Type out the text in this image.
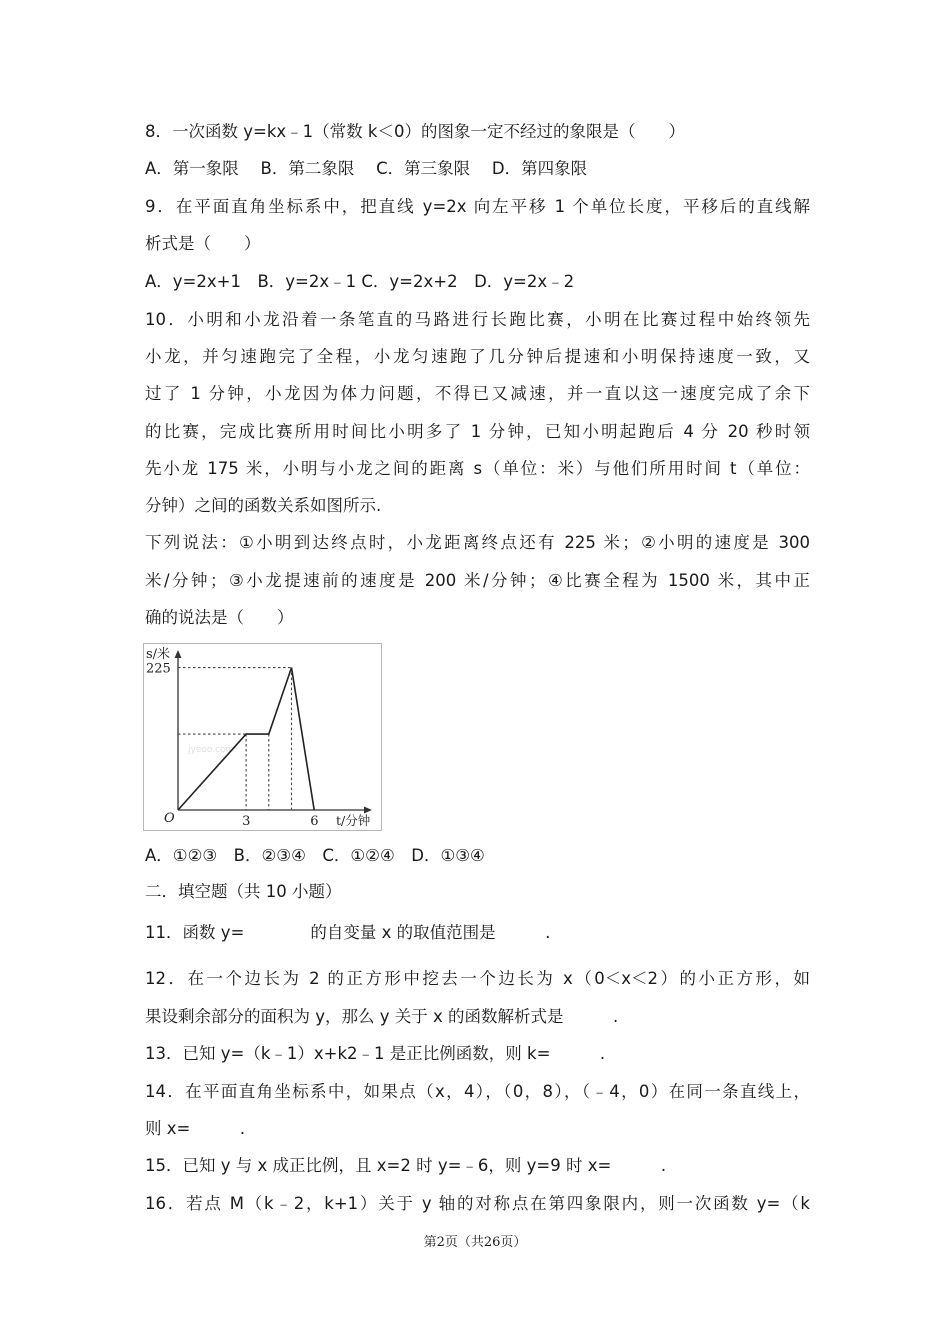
8．一次函数 y=kx﹣1（常数 k＜0）的图象一定不经过的象限是（　　）
A．第一象限　 B．第二象限　 C．第三象限　 D．第四象限
9．在平面直角坐标系中，把直线 y=2x 向左平移 1 个单位长度，平移后的直线解
析式是（　　）
A．y=2x+1　B．y=2x﹣1 C．y=2x+2　D．y=2x﹣2
10．小明和小龙沿着一条笔直的马路进行长跑比赛，小明在比赛过程中始终领先
小龙，并匀速跑完了全程，小龙匀速跑了几分钟后提速和小明保持速度一致，又
过了 1 分钟，小龙因为体力问题，不得已又减速，并一直以这一速度完成了余下
的比赛，完成比赛所用时间比小明多了 1 分钟，已知小明起跑后 4 分 20 秒时领
先小龙 175 米，小明与小龙之间的距离 s（单位：米）与他们所用时间 t（单位：
分钟）之间的函数关系如图所示.
下列说法：①小明到达终点时，小龙距离终点还有 225 米；②小明的速度是 300
米/分钟；③小龙提速前的速度是 200 米/分钟；④比赛全程为 1500 米，其中正
确的说法是（　　）
jyeoo.com
s/米
225
O	3	6 t/分钟
A．①②③　B．②③④　C．①②④　D．①③④
二．填空题（共 10 小题）
11．函数 y=　　　　的自变量 x 的取值范围是　　　.
12．在一个边长为 2 的正方形中挖去一个边长为 x（0＜x＜2）的小正方形，如
果设剩余部分的面积为 y，那么 y 关于 x 的函数解析式是　　　.
13．已知 y=（k﹣1）x+k2﹣1 是正比例函数，则 k=　　　.
14．在平面直角坐标系中，如果点（x，4），（0，8），（﹣4，0）在同一条直线上，
则 x=　　　.
15．已知 y 与 x 成正比例，且 x=2 时 y=﹣6，则 y=9 时 x=　　　.
16．若点 M（k﹣2，k+1）关于 y 轴的对称点在第四象限内，则一次函数 y=（k
第2页（共26页）
